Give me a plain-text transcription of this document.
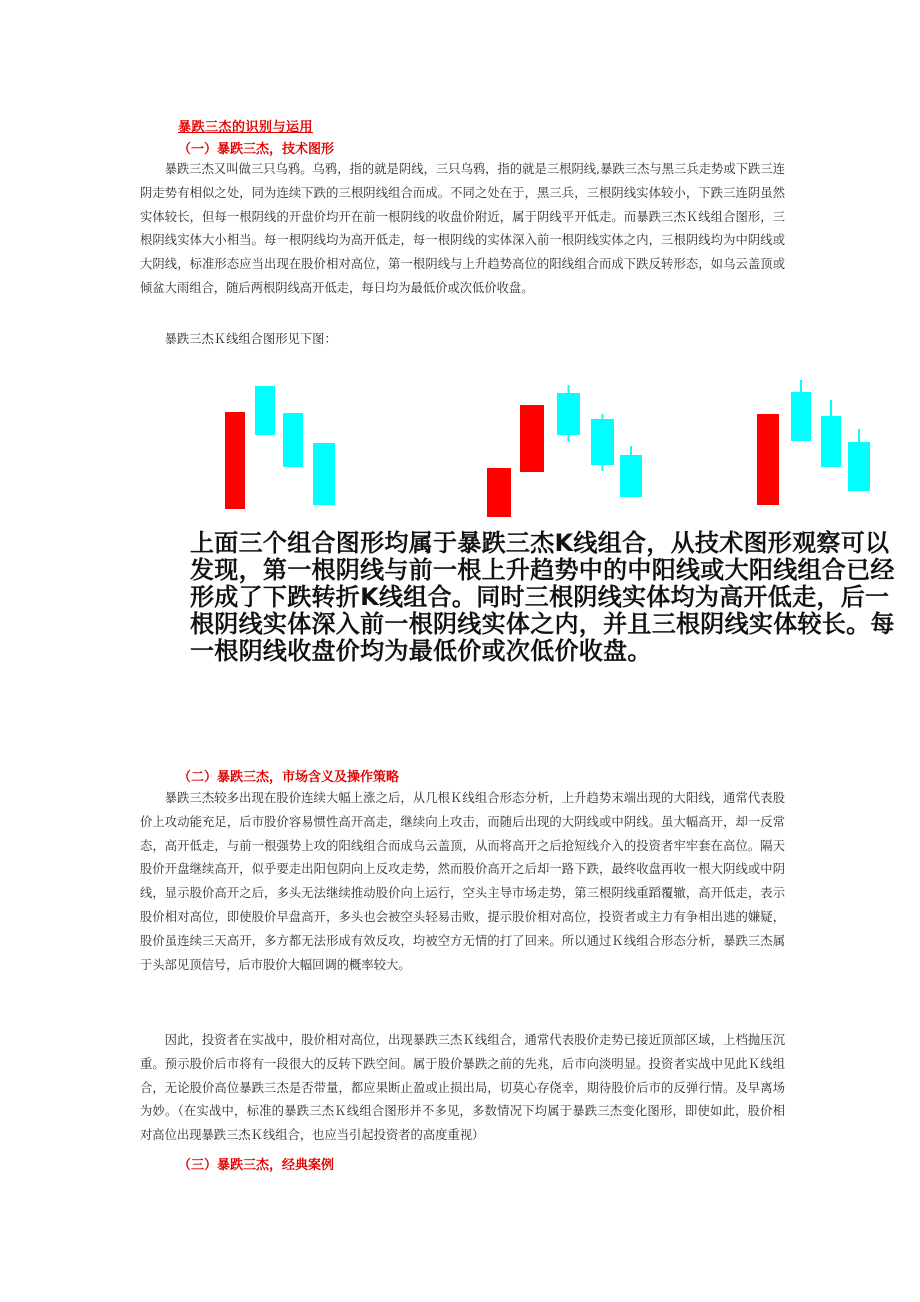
暴跌三杰的识别与运用
（一）暴跌三杰，技术图形

暴跌三杰又叫做三只乌鸦。乌鸦，指的就是阴线，三只乌鸦，指的就是三根阴线,暴跌三杰与黑三兵走势或下跌三连阴走势有相似之处，同为连续下跌的三根阴线组合而成。不同之处在于，黑三兵，三根阴线实体较小，下跌三连阴虽然实体较长，但每一根阴线的开盘价均开在前一根阴线的收盘价附近，属于阴线平开低走。而暴跌三杰Ｋ线组合图形，三根阴线实体大小相当。每一根阴线均为高开低走，每一根阴线的实体深入前一根阴线实体之内，三根阴线均为中阴线或大阴线，标准形态应当出现在股价相对高位，第一根阴线与上升趋势高位的阳线组合而成下跌反转形态，如乌云盖顶或倾盆大雨组合，随后两根阴线高开低走，每日均为最低价或次低价收盘。

暴跌三杰Ｋ线组合图形见下图：

上面三个组合图形均属于暴跌三杰K线组合，从技术图形观察可以发现，第一根阴线与前一根上升趋势中的中阳线或大阳线组合已经形成了下跌转折K线组合。同时三根阴线实体均为高开低走，后一根阴线实体深入前一根阴线实体之内，并且三根阴线实体较长。每一根阴线收盘价均为最低价或次低价收盘。

（二）暴跌三杰，市场含义及操作策略

暴跌三杰较多出现在股价连续大幅上涨之后，从几根Ｋ线组合形态分析，上升趋势末端出现的大阳线，通常代表股价上攻动能充足，后市股价容易惯性高开高走，继续向上攻击，而随后出现的大阴线或中阴线。虽大幅高开，却一反常态，高开低走，与前一根强势上攻的阳线组合而成乌云盖顶，从而将高开之后抢短线介入的投资者牢牢套在高位。隔天股价开盘继续高开，似乎要走出阳包阴向上反攻走势，然而股价高开之后却一路下跌，最终收盘再收一根大阴线或中阴线，显示股价高开之后，多头无法继续推动股价向上运行，空头主导市场走势，第三根阴线重蹈覆辙，高开低走，表示股价相对高位，即使股价早盘高开，多头也会被空头轻易击败，提示股价相对高位，投资者或主力有争相出逃的嫌疑，股价虽连续三天高开，多方都无法形成有效反攻，均被空方无情的打了回来。所以通过Ｋ线组合形态分析，暴跌三杰属于头部见顶信号，后市股价大幅回调的概率较大。

因此，投资者在实战中，股价相对高位，出现暴跌三杰Ｋ线组合，通常代表股价走势已接近顶部区域，上档抛压沉重。预示股价后市将有一段很大的反转下跌空间。属于股价暴跌之前的先兆，后市向淡明显。投资者实战中见此Ｋ线组合，无论股价高位暴跌三杰是否带量，都应果断止盈或止损出局，切莫心存侥幸，期待股价后市的反弹行情。及早离场为妙。（在实战中，标准的暴跌三杰Ｋ线组合图形并不多见，多数情况下均属于暴跌三杰变化图形，即使如此，股价相对高位出现暴跌三杰Ｋ线组合，也应当引起投资者的高度重视）

（三）暴跌三杰，经典案例
